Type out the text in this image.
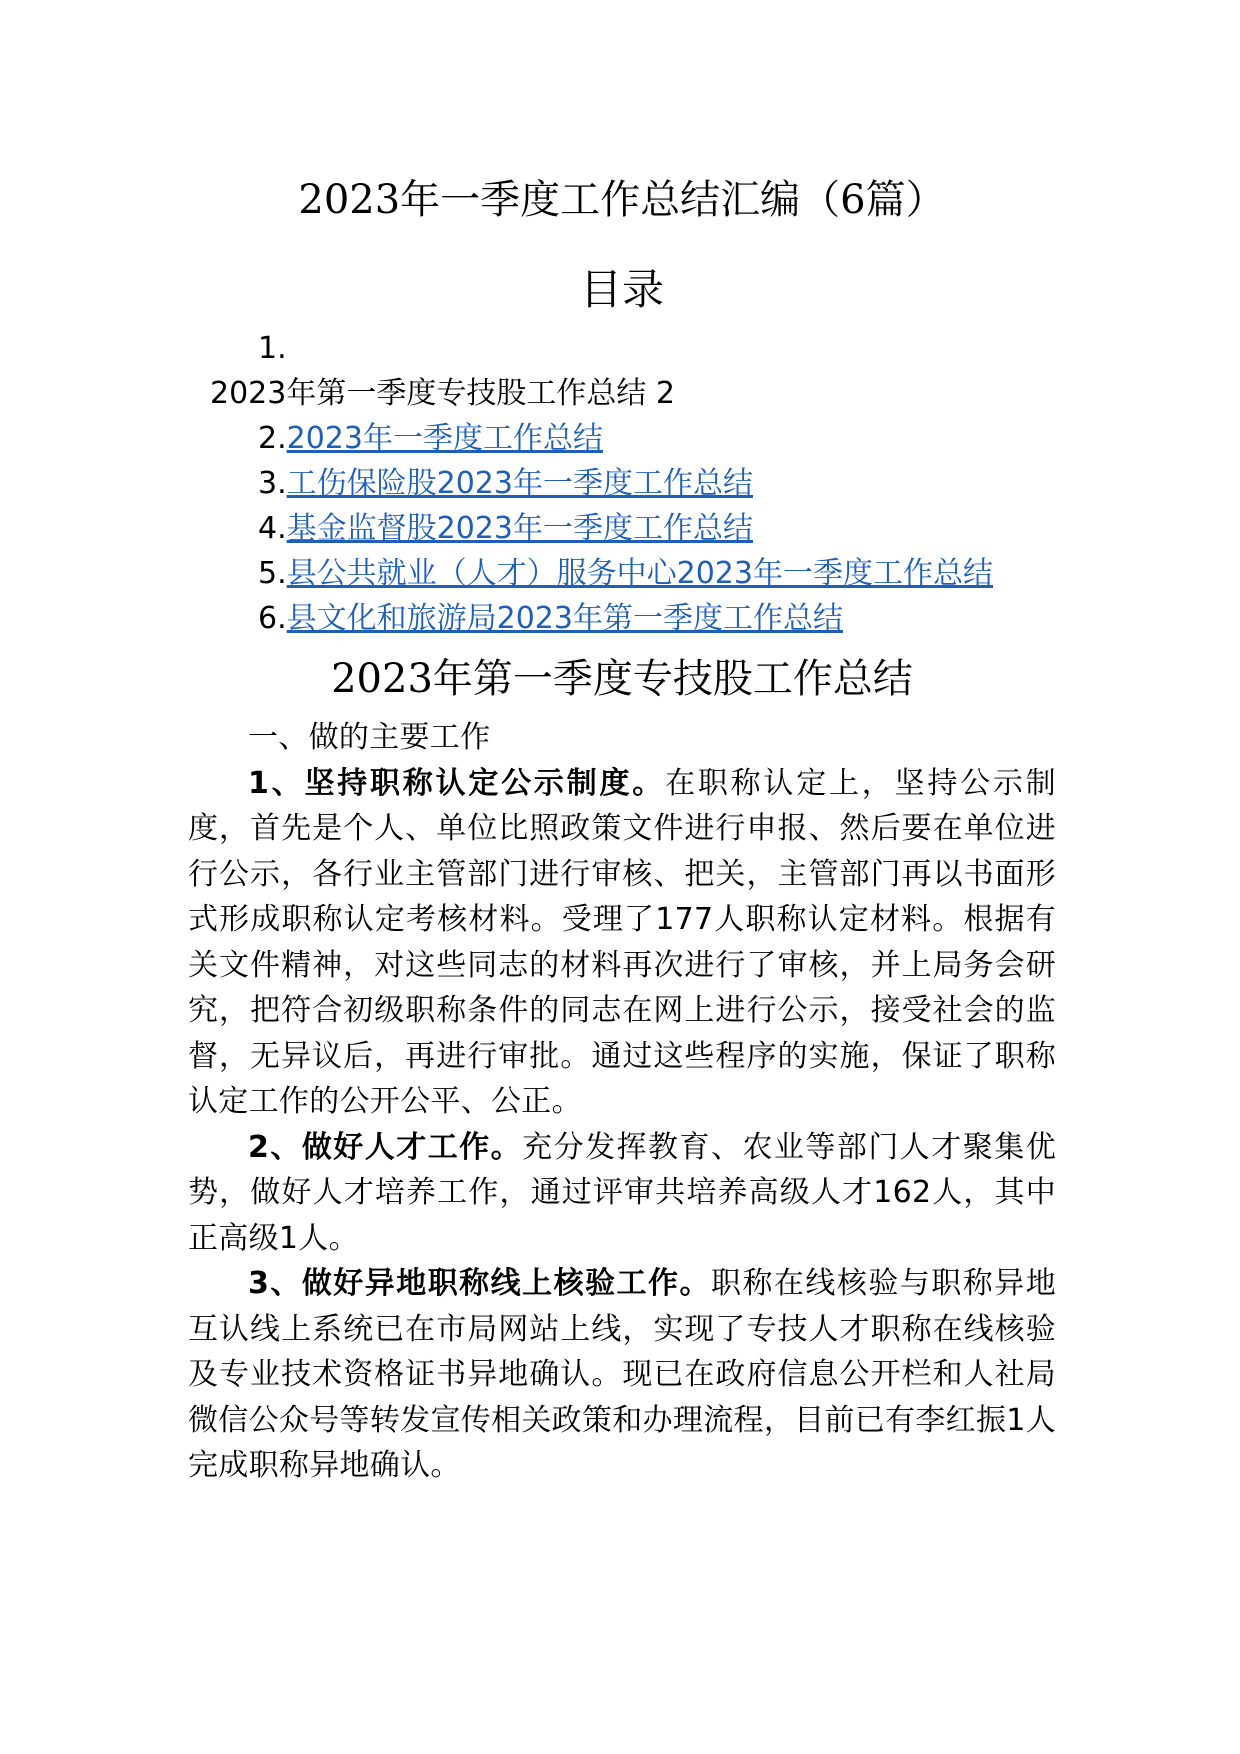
2023年一季度工作总结汇编（6篇）
目录

1.

2023年第一季度专技股工作总结 2

2.2023年一季度工作总结

3.工伤保险股2023年一季度工作总结

4.基金监督股2023年一季度工作总结

5.县公共就业（人才）服务中心2023年一季度工作总结

6.县文化和旅游局2023年第一季度工作总结

2023年第一季度专技股工作总结

一、做的主要工作

1、坚持职称认定公示制度。在职称认定上，坚持公示制度，首先是个人、单位比照政策文件进行申报、然后要在单位进行公示，各行业主管部门进行审核、把关，主管部门再以书面形式形成职称认定考核材料。受理了177人职称认定材料。根据有关文件精神，对这些同志的材料再次进行了审核，并上局务会研究，把符合初级职称条件的同志在网上进行公示，接受社会的监督，无异议后，再进行审批。通过这些程序的实施，保证了职称认定工作的公开公平、公正。

2、做好人才工作。充分发挥教育、农业等部门人才聚集优势，做好人才培养工作，通过评审共培养高级人才162人，其中正高级1人。

3、做好异地职称线上核验工作。职称在线核验与职称异地互认线上系统已在市局网站上线，实现了专技人才职称在线核验及专业技术资格证书异地确认。现已在政府信息公开栏和人社局微信公众号等转发宣传相关政策和办理流程，目前已有李红振1人完成职称异地确认。
